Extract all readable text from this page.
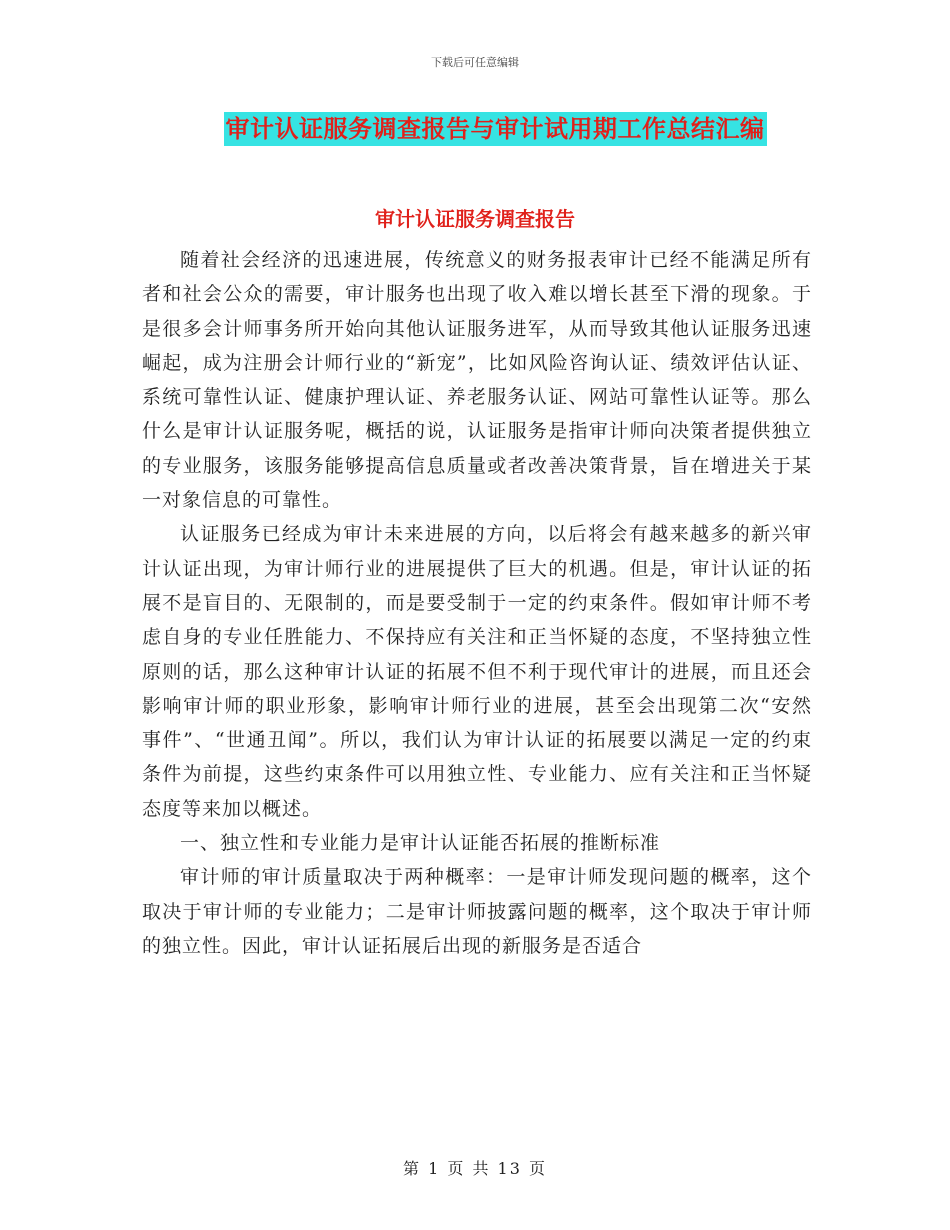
下载后可任意编辑
审计认证服务调查报告与审计试用期工作总结汇编
审计认证服务调查报告

随着社会经济的迅速进展，传统意义的财务报表审计已经不能满足所有者和社会公众的需要，审计服务也出现了收入难以增长甚至下滑的现象。于是很多会计师事务所开始向其他认证服务进军，从而导致其他认证服务迅速崛起，成为注册会计师行业的“新宠”，比如风险咨询认证、绩效评估认证、系统可靠性认证、健康护理认证、养老服务认证、网站可靠性认证等。那么什么是审计认证服务呢，概括的说，认证服务是指审计师向决策者提供独立的专业服务，该服务能够提高信息质量或者改善决策背景，旨在增进关于某一对象信息的可靠性。

认证服务已经成为审计未来进展的方向，以后将会有越来越多的新兴审计认证出现，为审计师行业的进展提供了巨大的机遇。但是，审计认证的拓展不是盲目的、无限制的，而是要受制于一定的约束条件。假如审计师不考虑自身的专业任胜能力、不保持应有关注和正当怀疑的态度，不坚持独立性原则的话，那么这种审计认证的拓展不但不利于现代审计的进展，而且还会影响审计师的职业形象，影响审计师行业的进展，甚至会出现第二次“安然事件”、“世通丑闻”。所以，我们认为审计认证的拓展要以满足一定的约束条件为前提，这些约束条件可以用独立性、专业能力、应有关注和正当怀疑态度等来加以概述。

一、独立性和专业能力是审计认证能否拓展的推断标准

审计师的审计质量取决于两种概率：一是审计师发现问题的概率，这个取决于审计师的专业能力；二是审计师披露问题的概率，这个取决于审计师的独立性。因此，审计认证拓展后出现的新服务是否适合

第 1 页 共 13 页
